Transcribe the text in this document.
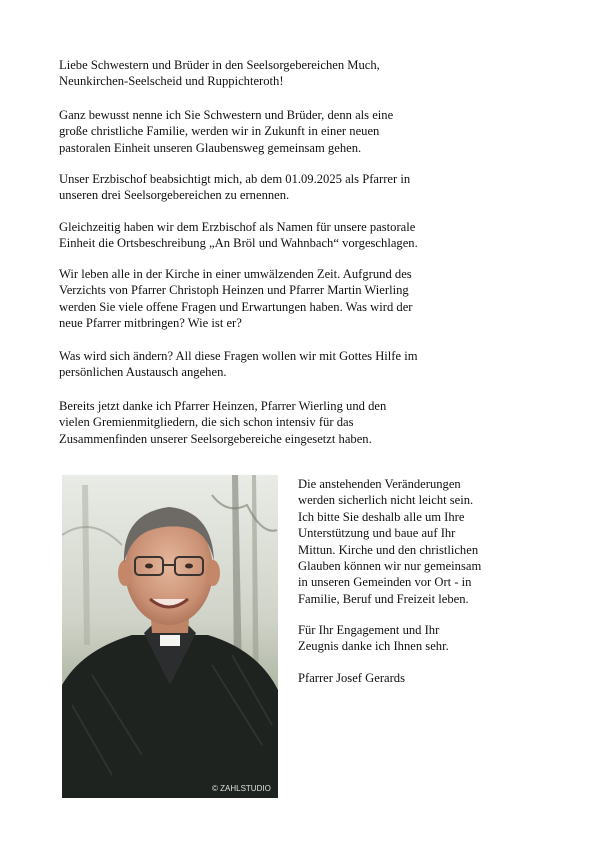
Liebe Schwestern und Brüder in den Seelsorgebereichen Much,
Neunkirchen-Seelscheid und Ruppichteroth!

Ganz bewusst nenne ich Sie Schwestern und Brüder, denn als eine
große christliche Familie, werden wir in Zukunft in einer neuen
pastoralen Einheit unseren Glaubensweg gemeinsam gehen.

Unser Erzbischof beabsichtigt mich, ab dem 01.09.2025 als Pfarrer in
unseren drei Seelsorgebereichen zu ernennen.

Gleichzeitig haben wir dem Erzbischof als Namen für unsere pastorale
Einheit die Ortsbeschreibung „An Bröl und Wahnbach“ vorgeschlagen.

Wir leben alle in der Kirche in einer umwälzenden Zeit. Aufgrund des
Verzichts von Pfarrer Christoph Heinzen und Pfarrer Martin Wierling
werden Sie viele offene Fragen und Erwartungen haben. Was wird der
neue Pfarrer mitbringen? Wie ist er?

Was wird sich ändern? All diese Fragen wollen wir mit Gottes Hilfe im
persönlichen Austausch angehen.

Bereits jetzt danke ich Pfarrer Heinzen, Pfarrer Wierling und den
vielen Gremienmitgliedern, die sich schon intensiv für das
Zusammenfinden unserer Seelsorgebereiche eingesetzt haben.

© ZAHLSTUDIO

Die anstehenden Veränderungen
werden sicherlich nicht leicht sein.
Ich bitte Sie deshalb alle um Ihre
Unterstützung und baue auf Ihr
Mittun. Kirche und den christlichen
Glauben können wir nur gemeinsam
in unseren Gemeinden vor Ort - in
Familie, Beruf und Freizeit leben.

Für Ihr Engagement und Ihr
Zeugnis danke ich Ihnen sehr.

Pfarrer Josef Gerards
